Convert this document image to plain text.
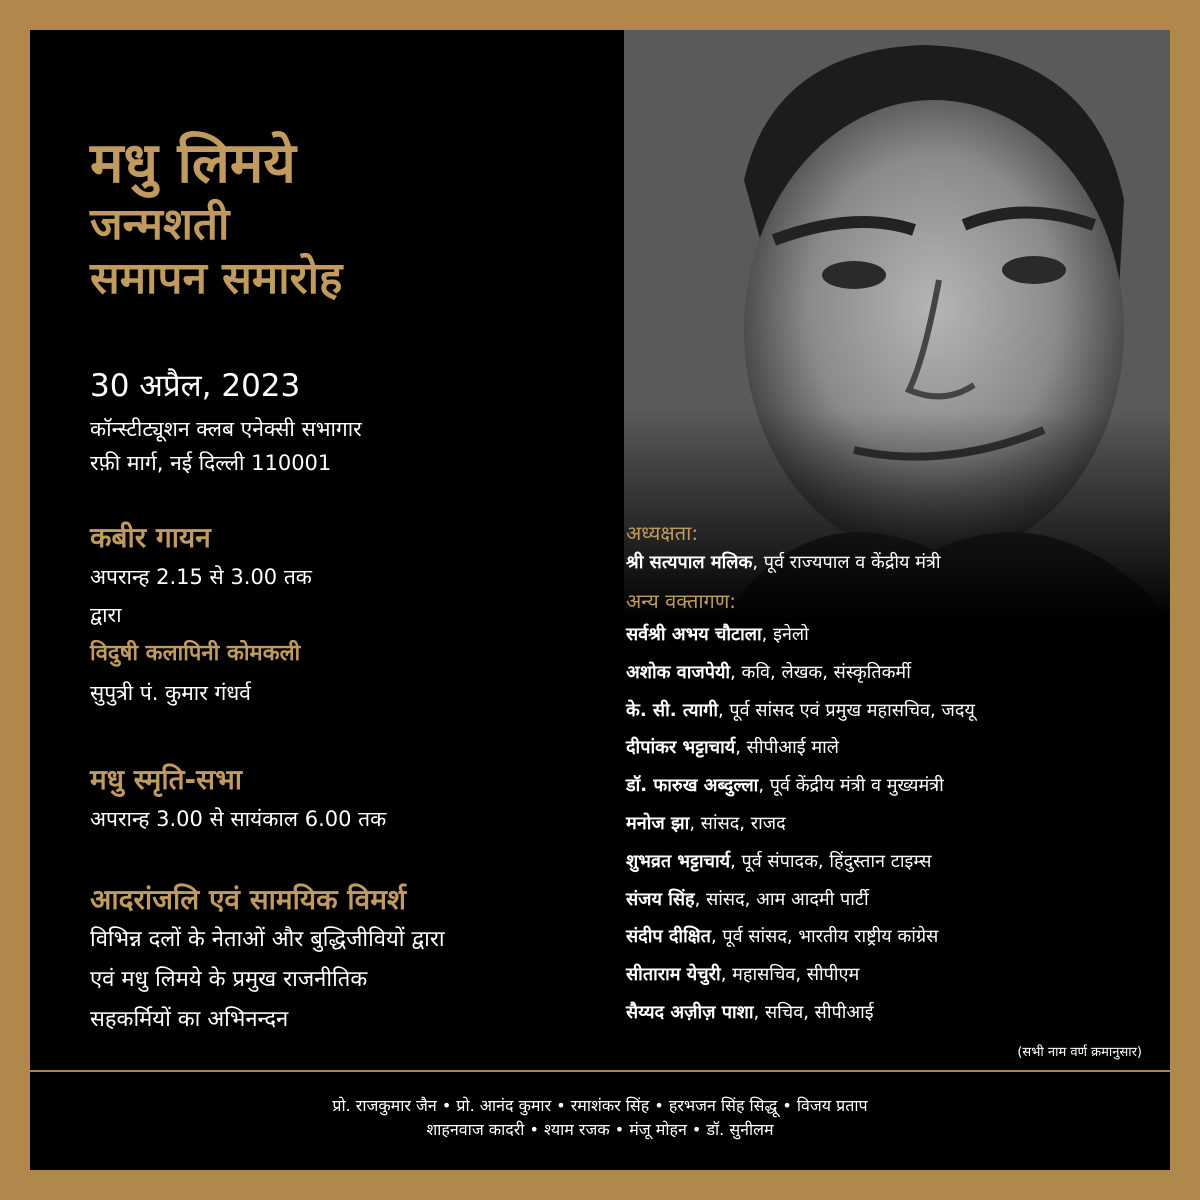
मधु लिमये
जन्मशती
समापन समारोह
30 अप्रैल, 2023
कॉन्स्टीट्यूशन क्लब एनेक्सी सभागार
रफ़ी मार्ग, नई दिल्ली 110001
कबीर गायन
अपरान्ह 2.15 से 3.00 तक
द्वारा
विदुषी कलापिनी कोमकली
सुपुत्री पं. कुमार गंधर्व
मधु स्मृति-सभा
अपरान्ह 3.00 से सायंकाल 6.00 तक
आदरांजलि एवं सामयिक विमर्श
विभिन्न दलों के नेताओं और बुद्धिजीवियों द्वारा
एवं मधु लिमये के प्रमुख राजनीतिक
सहकर्मियों का अभिनन्दन
अध्यक्षता:
श्री सत्यपाल मलिक, पूर्व राज्यपाल व केंद्रीय मंत्री
अन्य वक्तागण:
सर्वश्री अभय चौटाला, इनेलो
अशोक वाजपेयी, कवि, लेखक, संस्कृतिकर्मी
के. सी. त्यागी, पूर्व सांसद एवं प्रमुख महासचिव, जदयू
दीपांकर भट्टाचार्य, सीपीआई माले
डॉ. फारुख अब्दुल्ला, पूर्व केंद्रीय मंत्री व मुख्यमंत्री
मनोज झा, सांसद, राजद
शुभव्रत भट्टाचार्य, पूर्व संपादक, हिंदुस्तान टाइम्स
संजय सिंह, सांसद, आम आदमी पार्टी
संदीप दीक्षित, पूर्व सांसद, भारतीय राष्ट्रीय कांग्रेस
सीताराम येचुरी, महासचिव, सीपीएम
सैय्यद अज़ीज़ पाशा, सचिव, सीपीआई
(सभी नाम वर्ण क्रमानुसार)
प्रो. राजकुमार जैन • प्रो. आनंद कुमार • रमाशंकर सिंह • हरभजन सिंह सिद्धू • विजय प्रताप
शाहनवाज कादरी • श्याम रजक • मंजू मोहन • डॉ. सुनीलम
